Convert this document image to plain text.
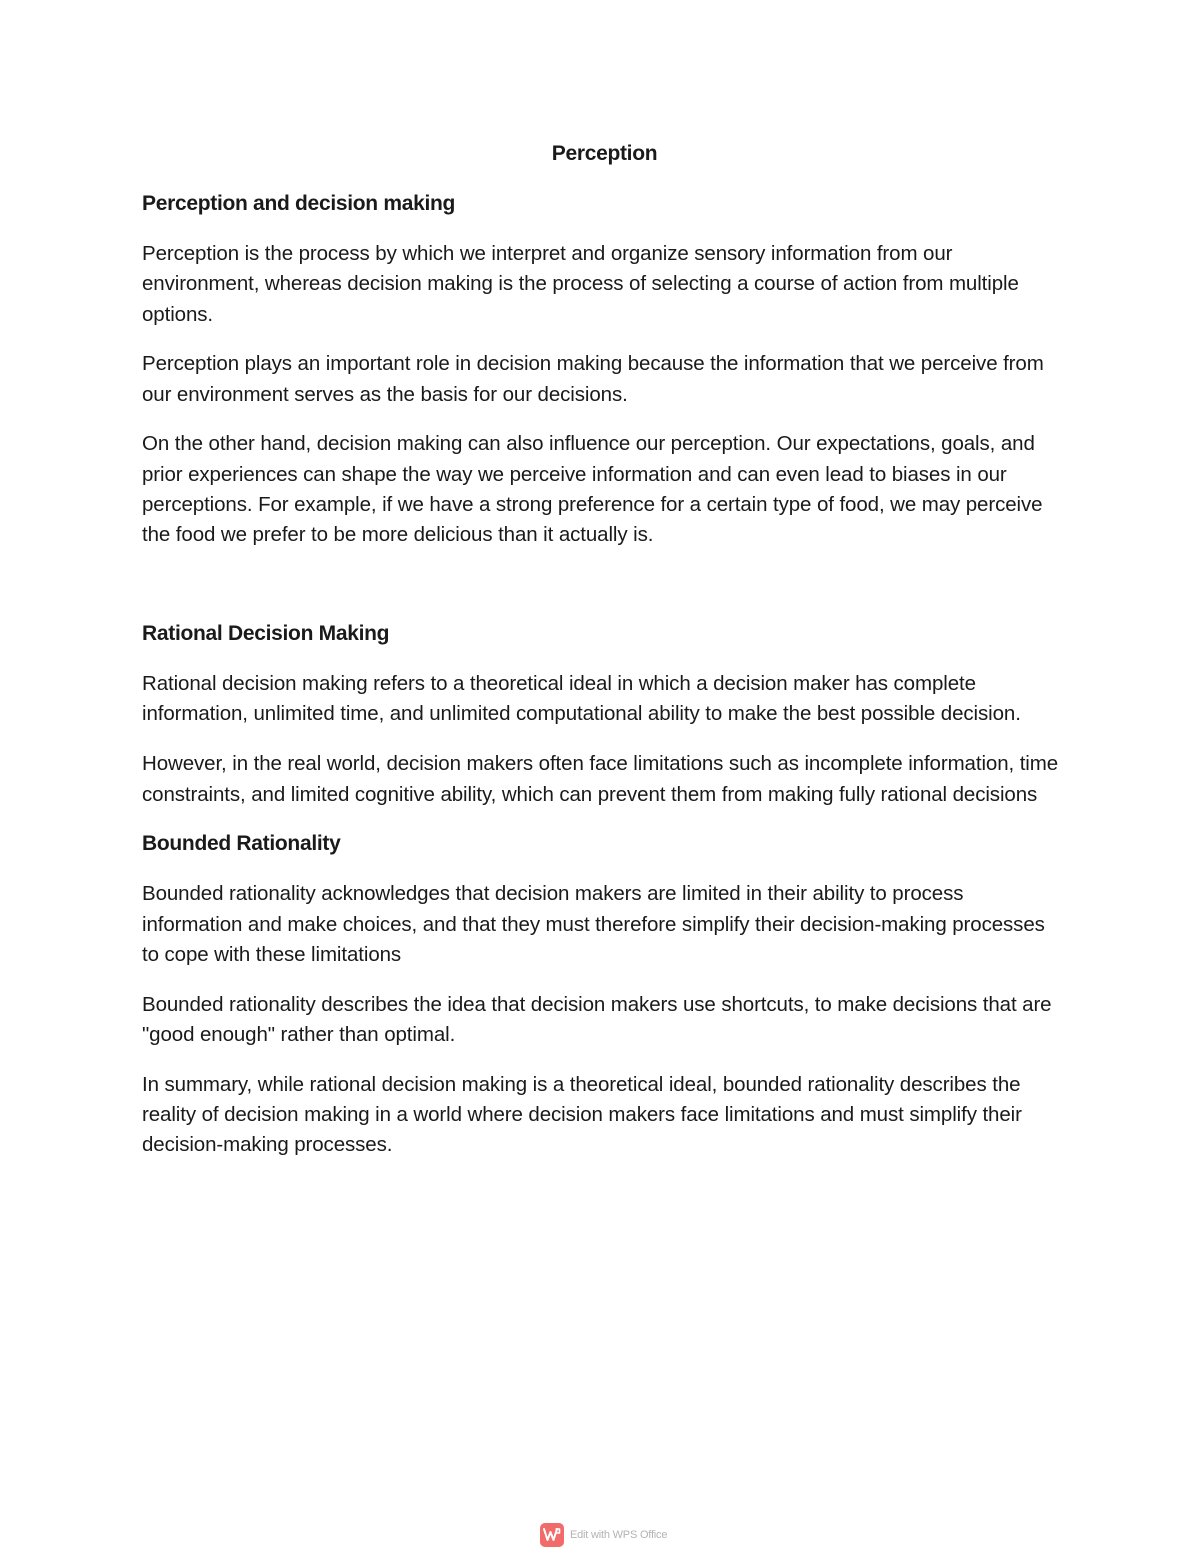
Perception
Perception and decision making

Perception is the process by which we interpret and organize sensory information from our environment, whereas decision making is the process of selecting a course of action from multiple options.

Perception plays an important role in decision making because the information that we perceive from our environment serves as the basis for our decisions.

On the other hand, decision making can also influence our perception. Our expectations, goals, and prior experiences can shape the way we perceive information and can even lead to biases in our perceptions. For example, if we have a strong preference for a certain type of food, we may perceive the food we prefer to be more delicious than it actually is.

Rational Decision Making

Rational decision making refers to a theoretical ideal in which a decision maker has complete information, unlimited time, and unlimited computational ability to make the best possible decision.

However, in the real world, decision makers often face limitations such as incomplete information, time constraints, and limited cognitive ability, which can prevent them from making fully rational decisions

Bounded Rationality

Bounded rationality acknowledges that decision makers are limited in their ability to process information and make choices, and that they must therefore simplify their decision-making processes to cope with these limitations

Bounded rationality describes the idea that decision makers use shortcuts, to make decisions that are "good enough" rather than optimal.

In summary, while rational decision making is a theoretical ideal, bounded rationality describes the reality of decision making in a world where decision makers face limitations and must simplify their decision-making processes.

Edit with WPS Office
